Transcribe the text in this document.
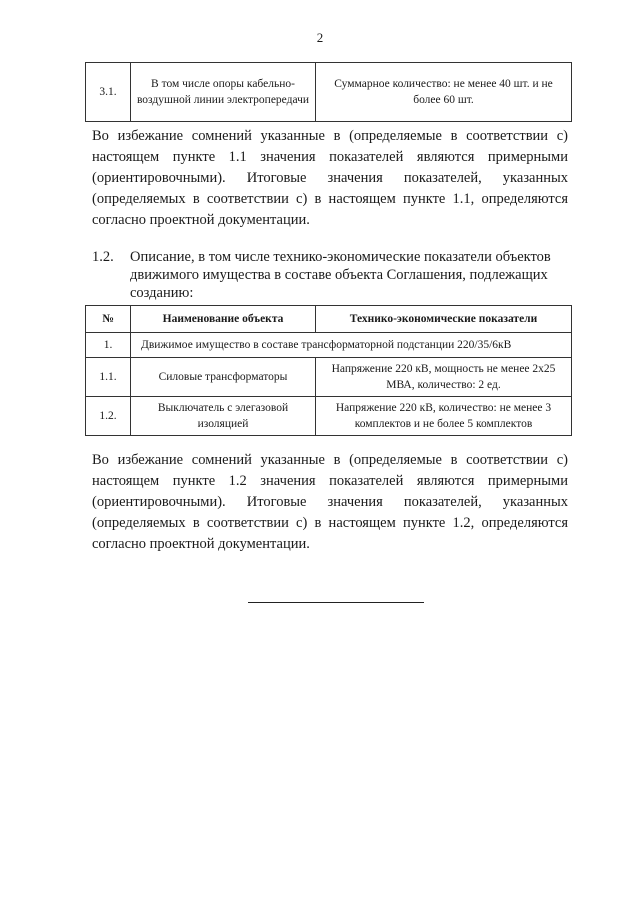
2
3.1.	В том числе опоры кабельно-воздушной линии электропередачи	Суммарное количество: не менее 40 шт. и не более 60 шт.
Во избежание сомнений указанные в (определяемые в соответствии с) настоящем пункте 1.1 значения показателей являются примерными (ориентировочными). Итоговые значения показателей, указанных (определяемых в соответствии с) в настоящем пункте 1.1, определяются согласно проектной документации.
1.2. Описание, в том числе технико-экономические показатели объектов движимого имущества в составе объекта Соглашения, подлежащих созданию:
№	Наименование объекта	Технико-экономические показатели
1.	Движимое имущество в составе трансформаторной подстанции 220/35/6кВ	
1.1.	Силовые трансформаторы	Напряжение 220 кВ, мощность не менее 2х25 МВА, количество: 2 ед.
1.2.	Выключатель с элегазовой изоляцией	Напряжение 220 кВ, количество: не менее 3 комплектов и не более 5 комплектов
Во избежание сомнений указанные в (определяемые в соответствии с) настоящем пункте 1.2 значения показателей являются примерными (ориентировочными). Итоговые значения показателей, указанных (определяемых в соответствии с) в настоящем пункте 1.2, определяются согласно проектной документации.
